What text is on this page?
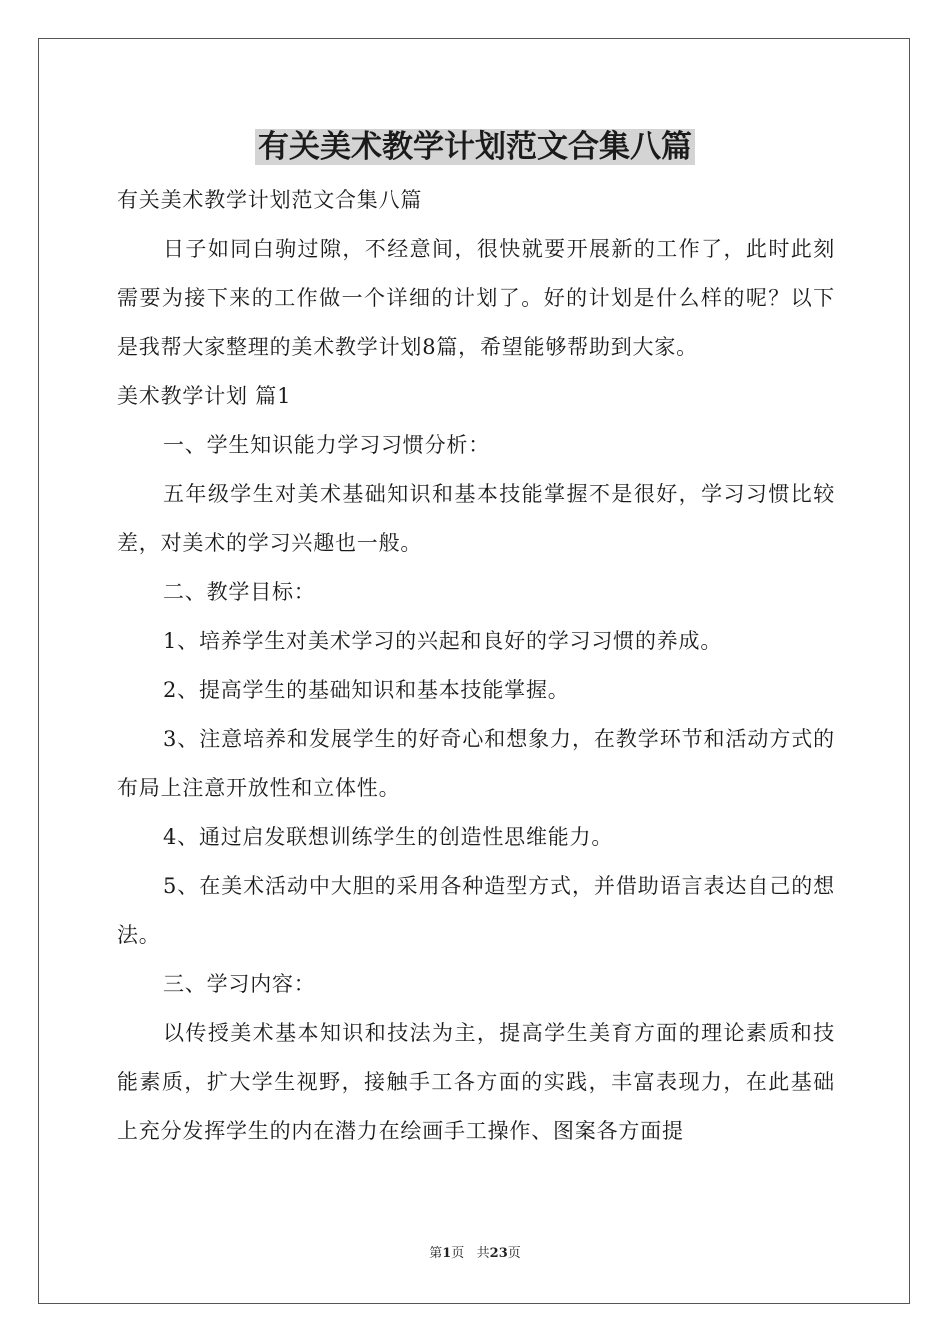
有关美术教学计划范文合集八篇

有关美术教学计划范文合集八篇

日子如同白驹过隙，不经意间，很快就要开展新的工作了，此时此刻需要为接下来的工作做一个详细的计划了。好的计划是什么样的呢？以下是我帮大家整理的美术教学计划8篇，希望能够帮助到大家。

美术教学计划 篇1

一、学生知识能力学习习惯分析：

五年级学生对美术基础知识和基本技能掌握不是很好，学习习惯比较差，对美术的学习兴趣也一般。

二、教学目标：

1、培养学生对美术学习的兴起和良好的学习习惯的养成。

2、提高学生的基础知识和基本技能掌握。

3、注意培养和发展学生的好奇心和想象力，在教学环节和活动方式的布局上注意开放性和立体性。

4、通过启发联想训练学生的创造性思维能力。

5、在美术活动中大胆的采用各种造型方式，并借助语言表达自己的想法。

三、学习内容：

以传授美术基本知识和技法为主，提高学生美育方面的理论素质和技能素质，扩大学生视野，接触手工各方面的实践，丰富表现力，在此基础上充分发挥学生的内在潜力在绘画手工操作、图案各方面提

第1页   共23页
